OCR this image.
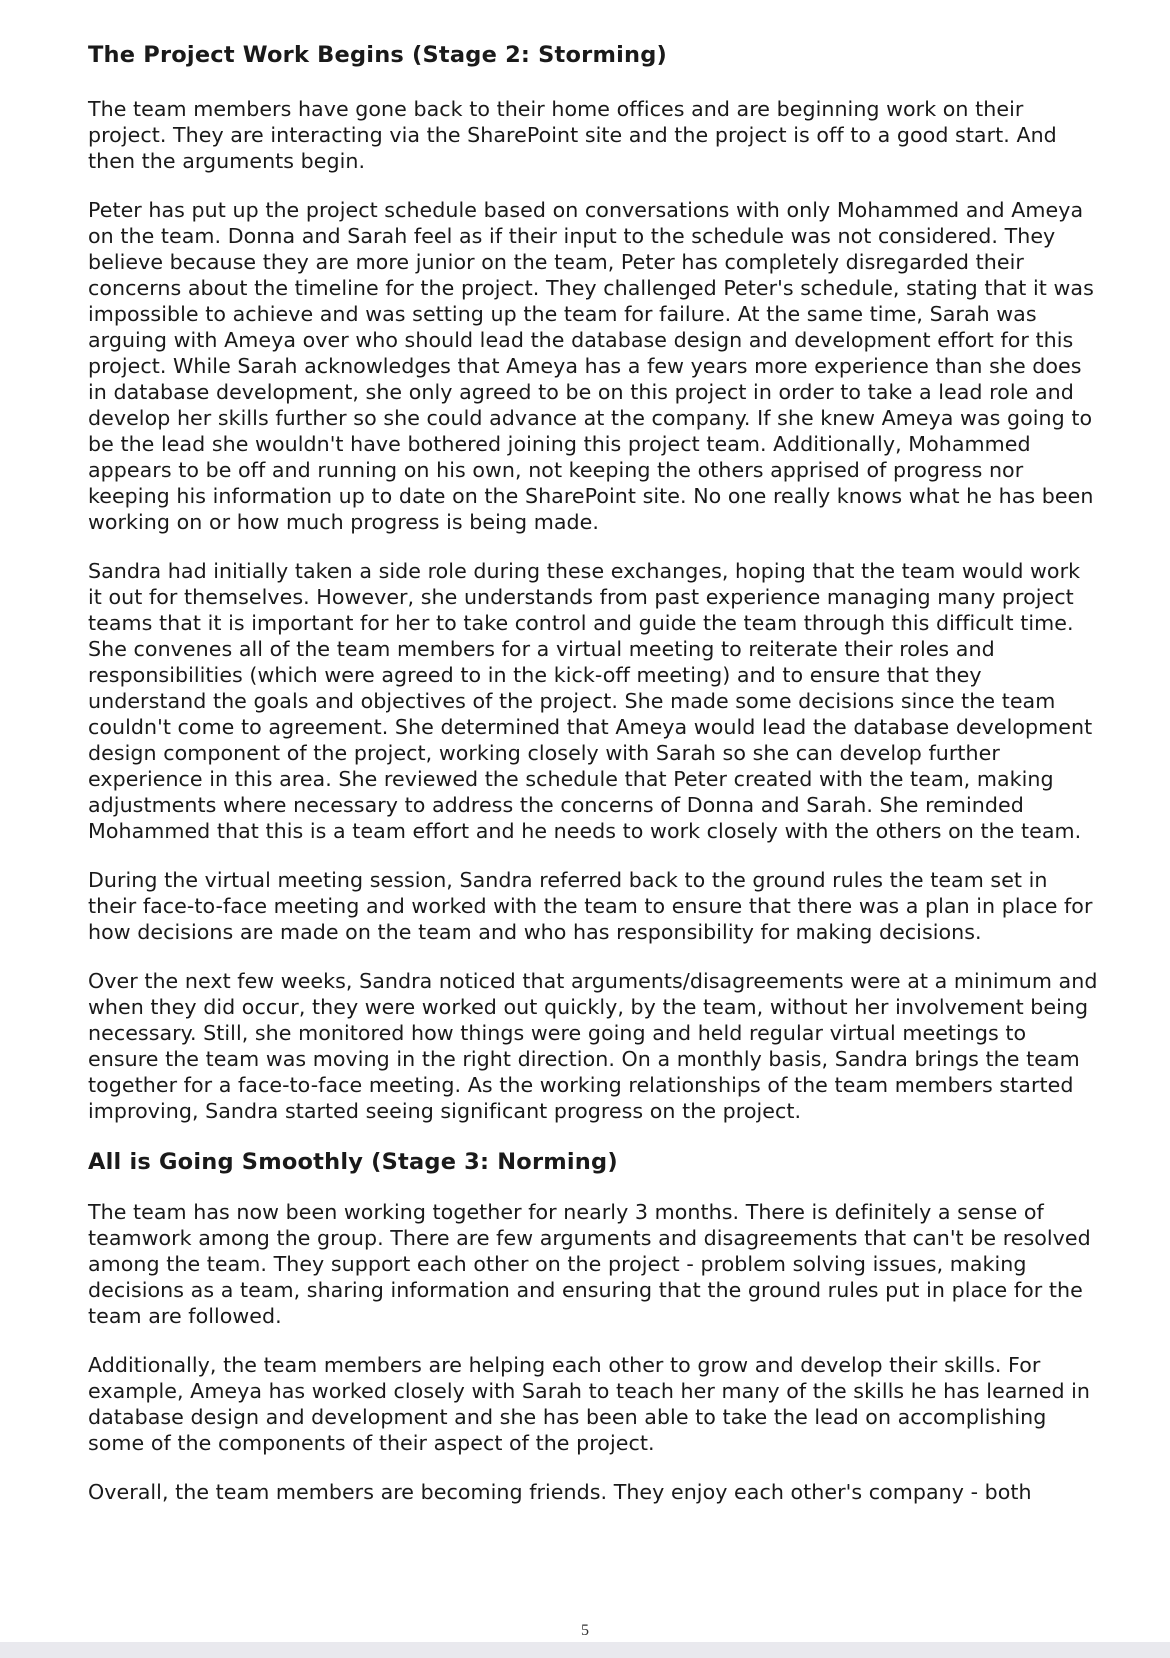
The Project Work Begins (Stage 2: Storming)

The team members have gone back to their home offices and are beginning work on their project. They are interacting via the SharePoint site and the project is off to a good start. And then the arguments begin.

Peter has put up the project schedule based on conversations with only Mohammed and Ameya on the team. Donna and Sarah feel as if their input to the schedule was not considered. They believe because they are more junior on the team, Peter has completely disregarded their concerns about the timeline for the project. They challenged Peter's schedule, stating that it was impossible to achieve and was setting up the team for failure. At the same time, Sarah was arguing with Ameya over who should lead the database design and development effort for this project. While Sarah acknowledges that Ameya has a few years more experience than she does in database development, she only agreed to be on this project in order to take a lead role and develop her skills further so she could advance at the company. If she knew Ameya was going to be the lead she wouldn't have bothered joining this project team. Additionally, Mohammed appears to be off and running on his own, not keeping the others apprised of progress nor keeping his information up to date on the SharePoint site. No one really knows what he has been working on or how much progress is being made.

Sandra had initially taken a side role during these exchanges, hoping that the team would work it out for themselves. However, she understands from past experience managing many project teams that it is important for her to take control and guide the team through this difficult time. She convenes all of the team members for a virtual meeting to reiterate their roles and responsibilities (which were agreed to in the kick-off meeting) and to ensure that they understand the goals and objectives of the project. She made some decisions since the team couldn't come to agreement. She determined that Ameya would lead the database development design component of the project, working closely with Sarah so she can develop further experience in this area. She reviewed the schedule that Peter created with the team, making adjustments where necessary to address the concerns of Donna and Sarah. She reminded Mohammed that this is a team effort and he needs to work closely with the others on the team.

During the virtual meeting session, Sandra referred back to the ground rules the team set in their face-to-face meeting and worked with the team to ensure that there was a plan in place for how decisions are made on the team and who has responsibility for making decisions.

Over the next few weeks, Sandra noticed that arguments/disagreements were at a minimum and when they did occur, they were worked out quickly, by the team, without her involvement being necessary. Still, she monitored how things were going and held regular virtual meetings to ensure the team was moving in the right direction. On a monthly basis, Sandra brings the team together for a face-to-face meeting. As the working relationships of the team members started improving, Sandra started seeing significant progress on the project.

All is Going Smoothly (Stage 3: Norming)

The team has now been working together for nearly 3 months. There is definitely a sense of teamwork among the group. There are few arguments and disagreements that can't be resolved among the team. They support each other on the project - problem solving issues, making decisions as a team, sharing information and ensuring that the ground rules put in place for the team are followed.

Additionally, the team members are helping each other to grow and develop their skills. For example, Ameya has worked closely with Sarah to teach her many of the skills he has learned in database design and development and she has been able to take the lead on accomplishing some of the components of their aspect of the project.

Overall, the team members are becoming friends. They enjoy each other's company - both

5
